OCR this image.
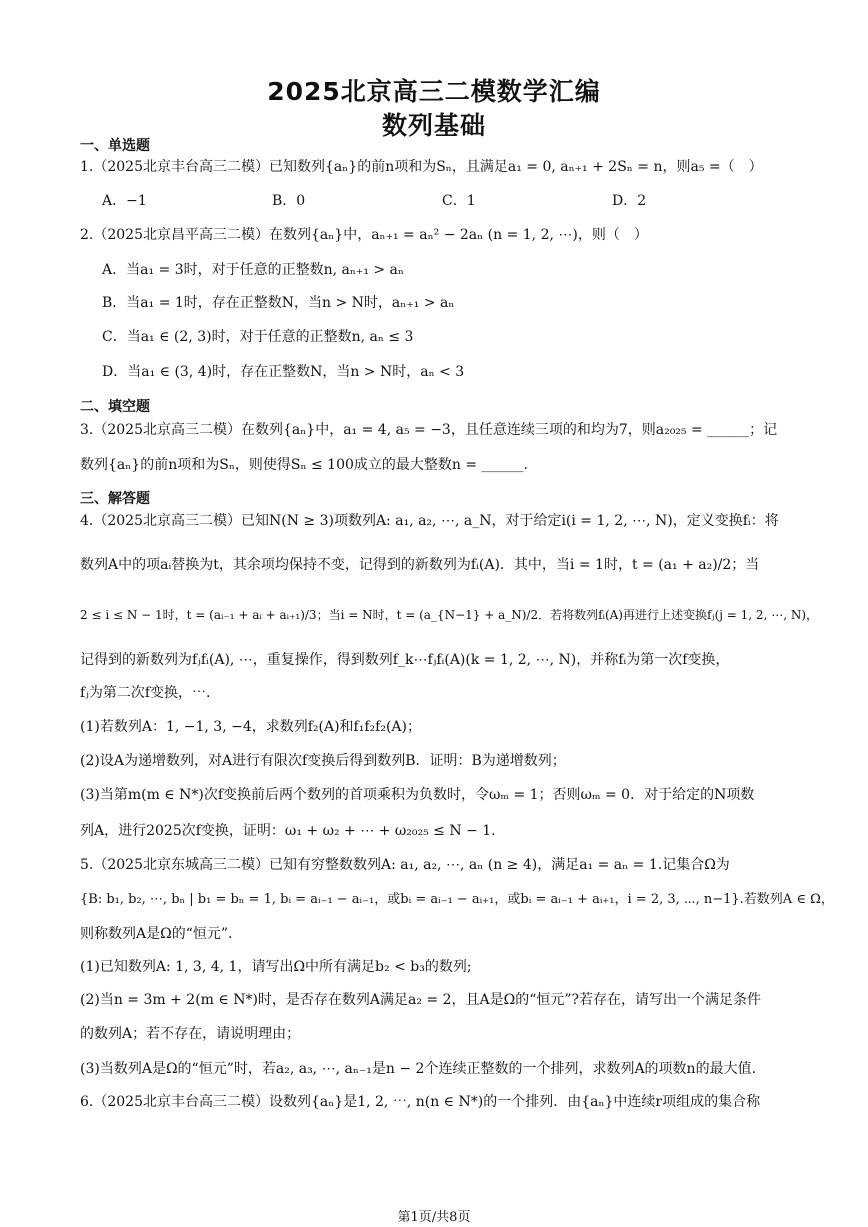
2025北京高三二模数学汇编
数列基础
一、单选题
1.（2025北京丰台高三二模）已知数列{aₙ}的前n项和为Sₙ，且满足a₁ = 0, aₙ₊₁ + 2Sₙ = n，则a₅ =（　）
A．−1	B．0	C．1	D．2
2.（2025北京昌平高三二模）在数列{aₙ}中，aₙ₊₁ = aₙ² − 2aₙ (n = 1, 2, ⋯)，则（　）
A．当a₁ = 3时，对于任意的正整数n, aₙ₊₁ > aₙ
B．当a₁ = 1时，存在正整数N，当n > N时，aₙ₊₁ > aₙ
C．当a₁ ∈ (2, 3)时，对于任意的正整数n, aₙ ≤ 3
D．当a₁ ∈ (3, 4)时，存在正整数N，当n > N时，aₙ < 3
二、填空题
3.（2025北京高三二模）在数列{aₙ}中，a₁ = 4, a₅ = −3，且任意连续三项的和均为7，则a₂₀₂₅ = ______；记
数列{aₙ}的前n项和为Sₙ，则使得Sₙ ≤ 100成立的最大整数n = ______.
三、解答题
4.（2025北京高三二模）已知N(N ≥ 3)项数列A: a₁, a₂, ⋯, a_N，对于给定i(i = 1, 2, ⋯, N)，定义变换fᵢ：将
数列A中的项aᵢ替换为t，其余项均保持不变，记得到的新数列为fᵢ(A)．其中，当i = 1时，t = (a₁ + a₂)/2；当
2 ≤ i ≤ N − 1时，t = (aᵢ₋₁ + aᵢ + aᵢ₊₁)/3；当i = N时，t = (a_{N−1} + a_N)/2．若将数列fᵢ(A)再进行上述变换fⱼ(j = 1, 2, ⋯, N)，
记得到的新数列为fⱼfᵢ(A), ⋯，重复操作，得到数列f_k⋯fⱼfᵢ(A)(k = 1, 2, ⋯, N)，并称fᵢ为第一次f变换，
fⱼ为第二次f变换，⋯.
(1)若数列A：1, −1, 3, −4，求数列f₂(A)和f₁f₂f₂(A)；
(2)设A为递增数列，对A进行有限次f变换后得到数列B．证明：B为递增数列；
(3)当第m(m ∈ N*)次f变换前后两个数列的首项乘积为负数时，令ωₘ = 1；否则ωₘ = 0．对于给定的N项数
列A，进行2025次f变换，证明：ω₁ + ω₂ + ⋯ + ω₂₀₂₅ ≤ N − 1.
5.（2025北京东城高三二模）已知有穷整数数列A: a₁, a₂, ⋯, aₙ (n ≥ 4)，满足a₁ = aₙ = 1.记集合Ω为
{B: b₁, b₂, ⋯, bₙ | b₁ = bₙ = 1, bᵢ = aᵢ₋₁ − aᵢ₋₁，或bᵢ = aᵢ₋₁ − aᵢ₊₁，或bᵢ = aᵢ₋₁ + aᵢ₊₁，i = 2, 3, ⋯, n−1}.若数列A ∈ Ω，
则称数列A是Ω的“恒元”.
(1)已知数列A: 1, 3, 4, 1，请写出Ω中所有满足b₂ < b₃的数列;
(2)当n = 3m + 2(m ∈ N*)时，是否存在数列A满足a₂ = 2，且A是Ω的“恒元”?若存在，请写出一个满足条件
的数列A；若不存在，请说明理由；
(3)当数列A是Ω的“恒元”时，若a₂, a₃, ⋯, aₙ₋₁是n − 2个连续正整数的一个排列，求数列A的项数n的最大值.
6.（2025北京丰台高三二模）设数列{aₙ}是1, 2, ⋯, n(n ∈ N*)的一个排列．由{aₙ}中连续r项组成的集合称
第1页/共8页
